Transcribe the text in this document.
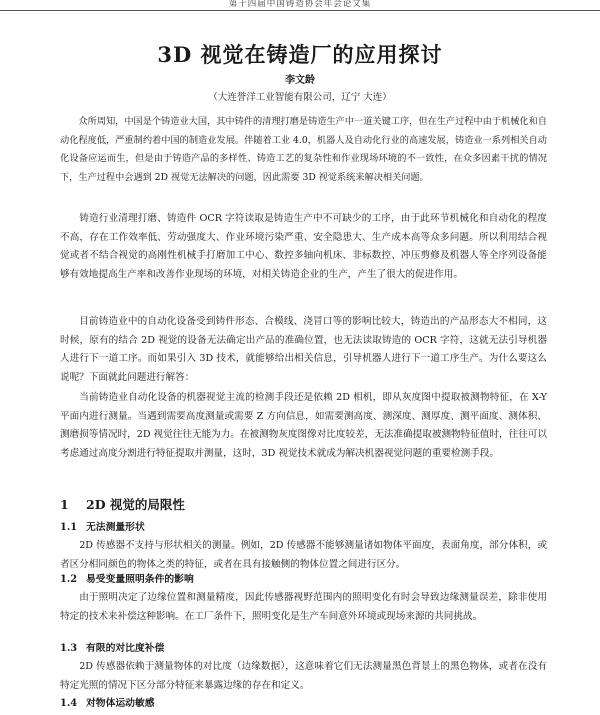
第十四届中国铸造协会年会论文集
3D 视觉在铸造厂的应用探讨
李文龄
（大连誉洋工业智能有限公司，辽宁 大连）

众所周知，中国是个铸造业大国，其中铸件的清理打磨是铸造生产中一道关键工序，但在生产过程中由于机械化和自动化程度低，严重制约着中国的制造业发展。伴随着工业 4.0，机器人及自动化行业的高速发展，铸造业一系列相关自动化设备应运而生，但是由于铸造产品的多样性、铸造工艺的复杂性和作业现场环境的不一致性，在众多因素干扰的情况下，生产过程中会遇到 2D 视觉无法解决的问题，因此需要 3D 视觉系统来解决相关问题。

铸造行业清理打磨、铸造件 OCR 字符读取是铸造生产中不可缺少的工序，由于此环节机械化和自动化的程度不高，存在工作效率低、劳动强度大、作业环境污染严重、安全隐患大、生产成本高等众多问题。所以利用结合视觉或者不结合视觉的高刚性机械手打磨加工中心、数控多轴向机床、非标数控、冲压剪修及机器人等全序列设备能够有效地提高生产率和改善作业现场的环境，对相关铸造企业的生产，产生了很大的促进作用。

目前铸造业中的自动化设备受到铸件形态、合模线、浇冒口等的影响比较大，铸造出的产品形态大不相同，这时候，原有的结合 2D 视觉的设备无法确定出产品的准确位置，也无法读取铸造的 OCR 字符，这就无法引导机器人进行下一道工序。而如果引入 3D 技术，就能够给出相关信息，引导机器人进行下一道工序生产。为什么要这么说呢？下面就此问题进行解答：

当前铸造业自动化设备的机器视觉主流的检测手段还是依赖 2D 相机，即从灰度图中提取被测物特征，在 X-Y 平面内进行测量。当遇到需要高度测量或需要 Z 方向信息，如需要测高度、测深度、测厚度、测平面度、测体积、测磨损等情况时，2D 视觉往往无能为力。在被测物灰度图像对比度较差，无法准确提取被测物特征值时，往往可以考虑通过高度分割进行特征提取并测量，这时，3D 视觉技术就成为解决机器视觉问题的重要检测手段。

1 2D 视觉的局限性
1.1 无法测量形状

2D 传感器不支持与形状相关的测量。例如，2D 传感器不能够测量诸如物体平面度，表面角度，部分体积，或者区分相同颜色的物体之类的特征，或者在具有接触侧的物体位置之间进行区分。

1.2 易受变量照明条件的影响

由于照明决定了边缘位置和测量精度，因此传感器视野范围内的照明变化有时会导致边缘测量误差，除非使用特定的技术来补偿这种影响。在工厂条件下，照明变化是生产车间意外环境或现场来源的共同挑战。

1.3 有限的对比度补偿

2D 传感器依赖于测量物体的对比度（边缘数据），这意味着它们无法测量黑色背景上的黑色物体，或者在没有特定光照的情况下区分部分特征来暴露边缘的存在和定义。

1.4 对物体运动敏感
